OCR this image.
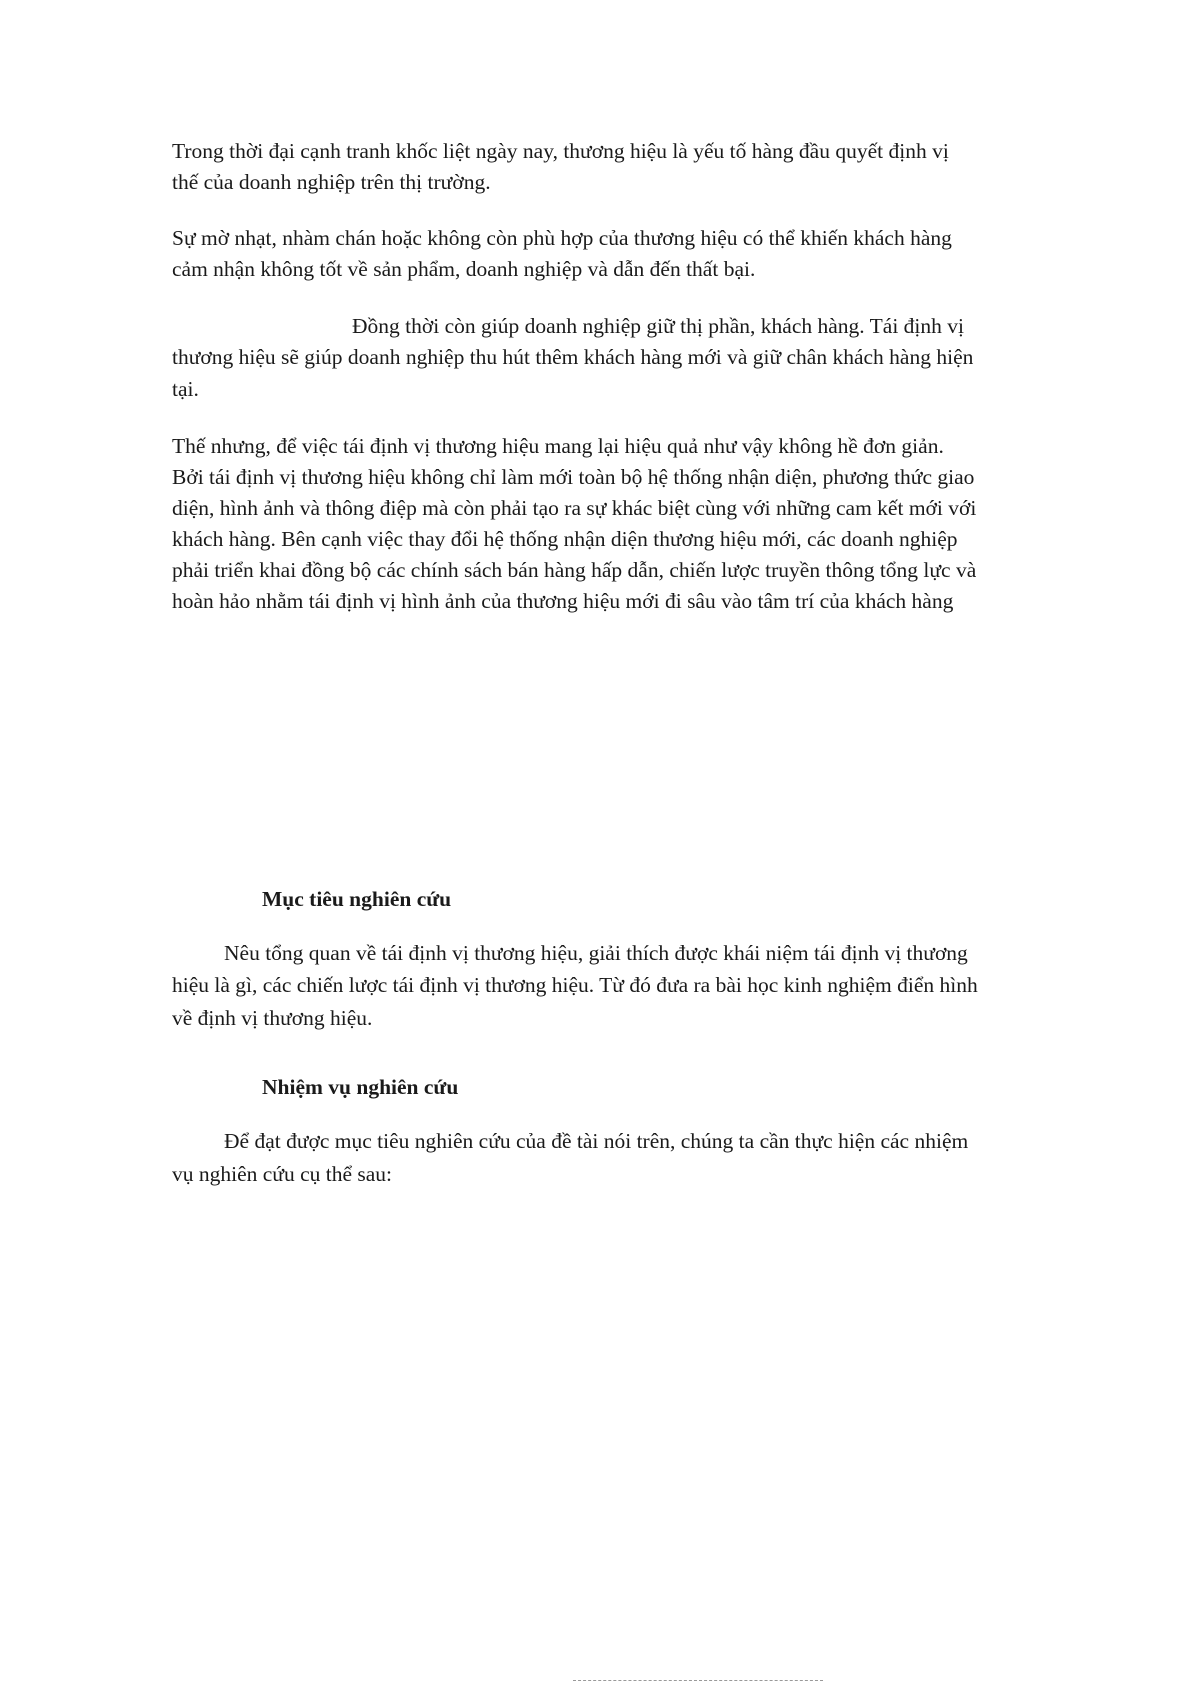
Trong thời đại cạnh tranh khốc liệt ngày nay, thương hiệu là yếu tố hàng đầu quyết định vị
thế của doanh nghiệp trên thị trường.
Sự mờ nhạt, nhàm chán hoặc không còn phù hợp của thương hiệu có thể khiến khách hàng
cảm nhận không tốt về sản phẩm, doanh nghiệp và dẫn đến thất bại.
Đồng thời còn giúp doanh nghiệp giữ thị phần, khách hàng. Tái định vị
thương hiệu sẽ giúp doanh nghiệp thu hút thêm khách hàng mới và giữ chân khách hàng hiện
tại.
Thế nhưng, để việc tái định vị thương hiệu mang lại hiệu quả như vậy không hề đơn giản.
Bởi tái định vị thương hiệu không chỉ làm mới toàn bộ hệ thống nhận diện, phương thức giao
diện, hình ảnh và thông điệp mà còn phải tạo ra sự khác biệt cùng với những cam kết mới với
khách hàng. Bên cạnh việc thay đổi hệ thống nhận diện thương hiệu mới, các doanh nghiệp
phải triển khai đồng bộ các chính sách bán hàng hấp dẫn, chiến lược truyền thông tổng lực và
hoàn hảo nhằm tái định vị hình ảnh của thương hiệu mới đi sâu vào tâm trí của khách hàng
Mục tiêu nghiên cứu
Nêu tổng quan về tái định vị thương hiệu, giải thích được khái niệm tái định vị thương
hiệu là gì, các chiến lược tái định vị thương hiệu. Từ đó đưa ra bài học kinh nghiệm điển hình
về định vị thương hiệu.
Nhiệm vụ nghiên cứu
Để đạt được mục tiêu nghiên cứu của đề tài nói trên, chúng ta cần thực hiện các nhiệm
vụ nghiên cứu cụ thể sau:
